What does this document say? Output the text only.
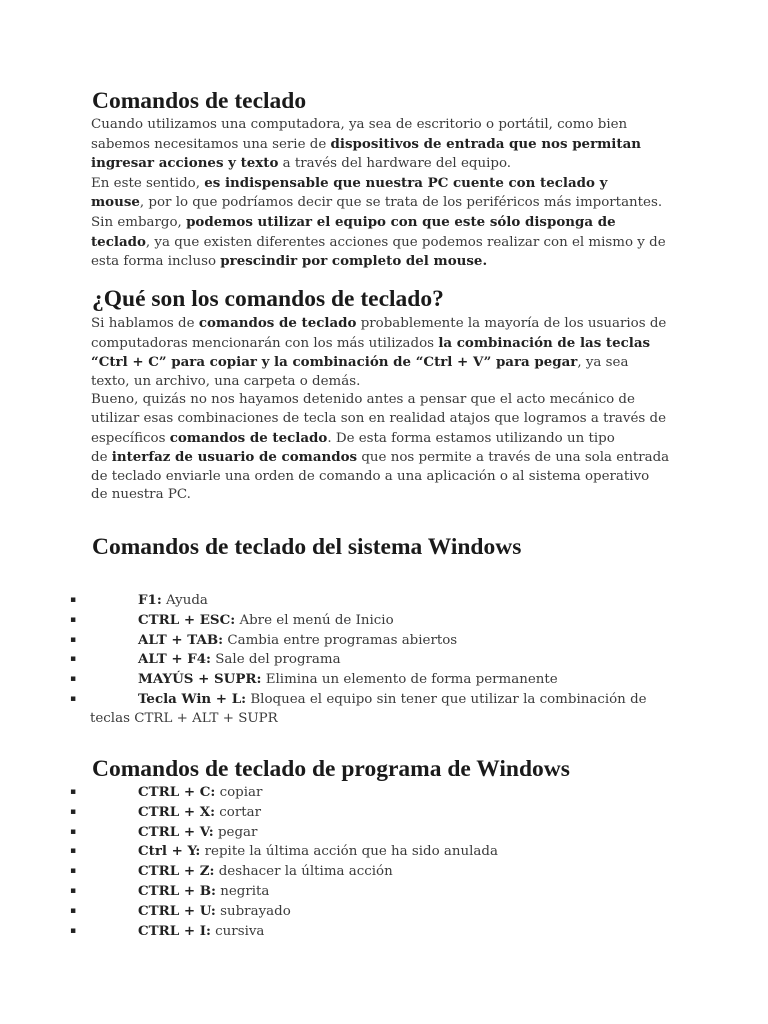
Comandos de teclado

Cuando utilizamos una computadora, ya sea de escritorio o portátil, como bien
sabemos necesitamos una serie de dispositivos de entrada que nos permitan
ingresar acciones y texto a través del hardware del equipo.
En este sentido, es indispensable que nuestra PC cuente con teclado y
mouse, por lo que podríamos decir que se trata de los periféricos más importantes.
Sin embargo, podemos utilizar el equipo con que este sólo disponga de
teclado, ya que existen diferentes acciones que podemos realizar con el mismo y de
esta forma incluso prescindir por completo del mouse.

¿Qué son los comandos de teclado?

Si hablamos de comandos de teclado probablemente la mayoría de los usuarios de
computadoras mencionarán con los más utilizados la combinación de las teclas
“Ctrl + C” para copiar y la combinación de “Ctrl + V” para pegar, ya sea
texto, un archivo, una carpeta o demás.
Bueno, quizás no nos hayamos detenido antes a pensar que el acto mecánico de
utilizar esas combinaciones de tecla son en realidad atajos que logramos a través de
específicos comandos de teclado. De esta forma estamos utilizando un tipo
de interfaz de usuario de comandos que nos permite a través de una sola entrada
de teclado enviarle una orden de comando a una aplicación o al sistema operativo
de nuestra PC.

Comandos de teclado del sistema Windows
▪	F1: Ayuda
▪	CTRL + ESC: Abre el menú de Inicio
▪	ALT + TAB: Cambia entre programas abiertos
▪	ALT + F4: Sale del programa
▪	MAYÚS + SUPR: Elimina un elemento de forma permanente
▪	Tecla Win + L: Bloquea el equipo sin tener que utilizar la combinación de
teclas CTRL + ALT + SUPR
Comandos de teclado de programa de Windows
▪	CTRL + C: copiar
▪	CTRL + X: cortar
▪	CTRL + V: pegar
▪	Ctrl + Y: repite la última acción que ha sido anulada
▪	CTRL + Z: deshacer la última acción
▪	CTRL + B: negrita
▪	CTRL + U: subrayado
▪	CTRL + I: cursiva
